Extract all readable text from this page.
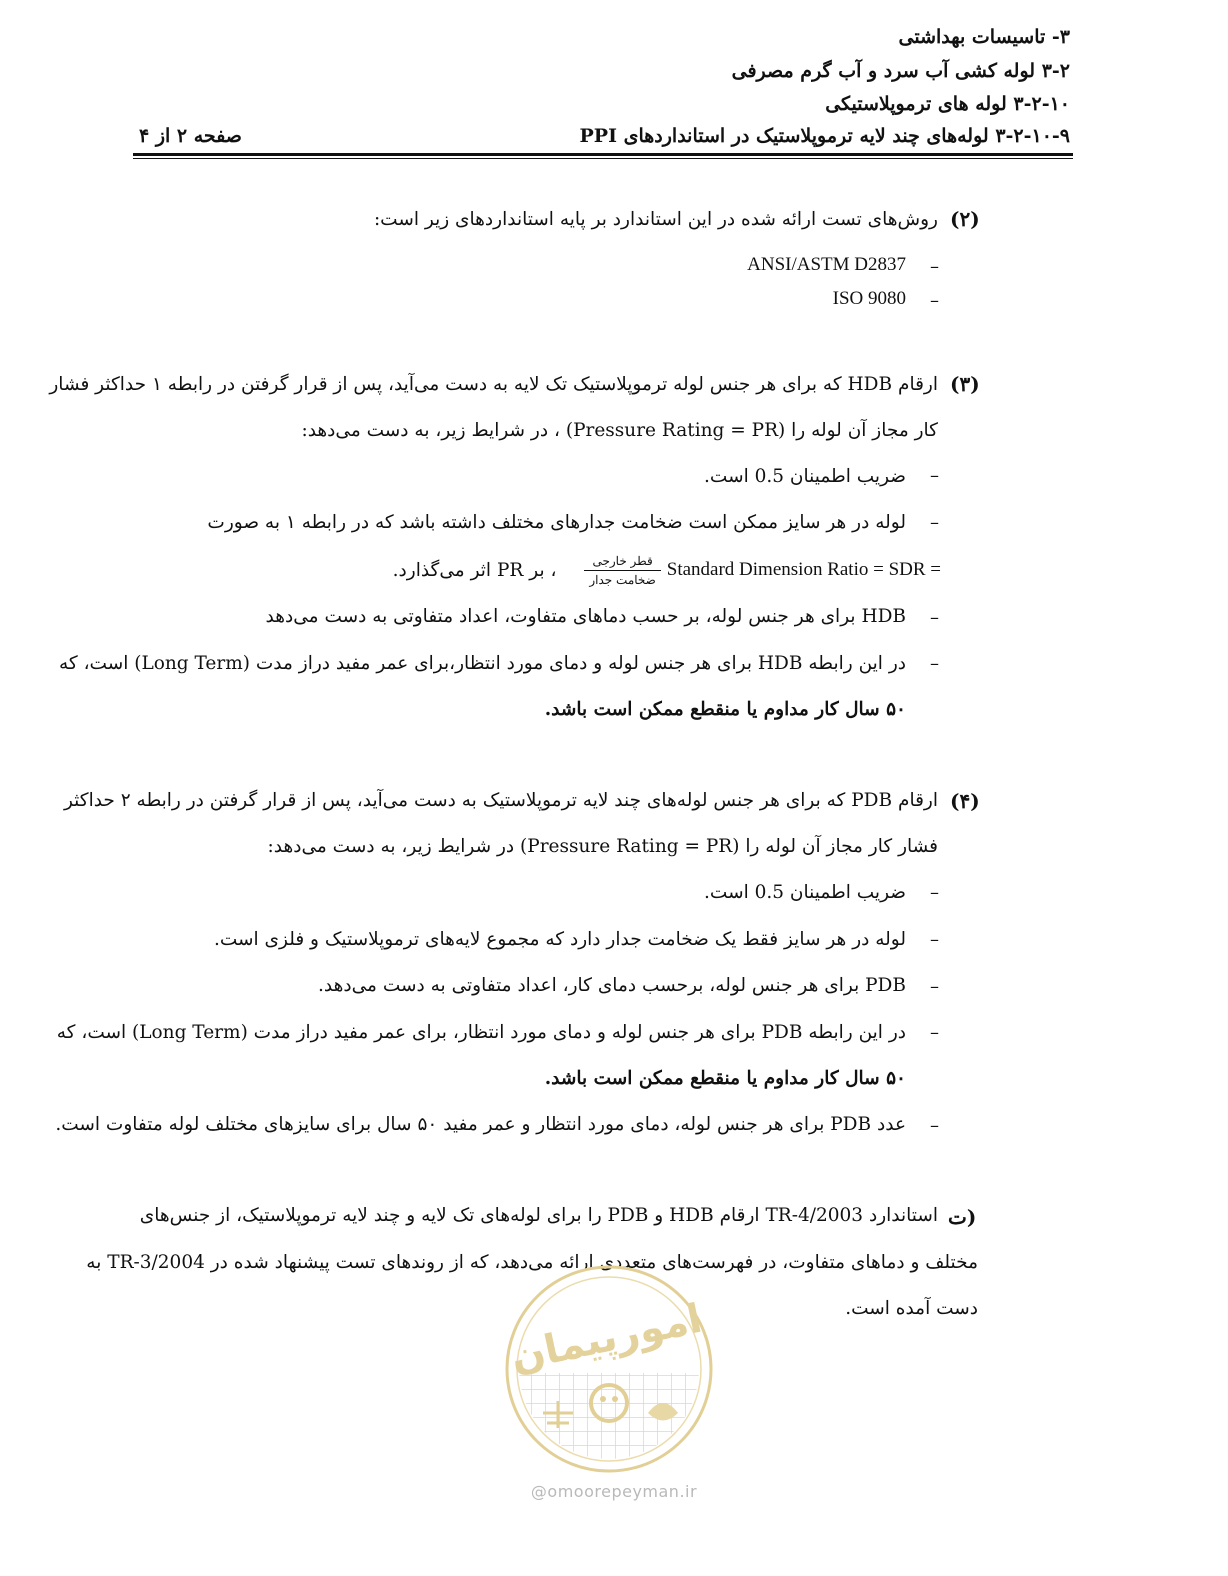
۳- تاسیسات بهداشتی
۳-۲ لوله کشی آب سرد و آب گرم مصرفی
۳-۲-۱۰ لوله های ترموپلاستیکی
۳-۲-۱۰-۹ لوله‌های چند لایه ترموپلاستیک در استانداردهای PPI
صفحه ۲ از ۴
(۲)
روش‌های تست ارائه شده در این استاندارد بر پایه استانداردهای زیر است:
–
ANSI/ASTM D2837
–
ISO 9080
(۳)
ارقام HDB که برای هر جنس لوله ترموپلاستیک تک لایه به دست می‌آید، پس از قرار گرفتن در رابطه ۱ حداکثر فشار
کار مجاز آن لوله را (Pressure Rating = PR) ، در شرایط زیر، به دست می‌دهد:
–
ضریب اطمینان 0.5 است.
–
لوله در هر سایز ممکن است ضخامت جدارهای مختلف داشته باشد که در رابطه ۱ به صورت
، بر PR اثر می‌گذارد. $\frac{\text{قطر خارجی}}{\text{ضخامت جدار}}$ Standard Dimension Ratio = SDR =
–
HDB برای هر جنس لوله، بر حسب دماهای متفاوت، اعداد متفاوتی به دست می‌دهد
–
در این رابطه HDB برای هر جنس لوله و دمای مورد انتظار،برای عمر مفید دراز مدت (Long Term) است، که
۵۰ سال کار مداوم یا منقطع ممکن است باشد.
(۴)
ارقام PDB که برای هر جنس لوله‌های چند لایه ترموپلاستیک به دست می‌آید، پس از قرار گرفتن در رابطه ۲ حداکثر
فشار کار مجاز آن لوله را (Pressure Rating = PR) در شرایط زیر، به دست می‌دهد:
–
ضریب اطمینان 0.5 است.
–
لوله در هر سایز فقط یک ضخامت جدار دارد که مجموع لایه‌های ترموپلاستیک و فلزی است.
–
PDB برای هر جنس لوله، برحسب دمای کار، اعداد متفاوتی به دست می‌دهد.
–
در این رابطه PDB برای هر جنس لوله و دمای مورد انتظار، برای عمر مفید دراز مدت (Long Term) است، که
۵۰ سال کار مداوم یا منقطع ممکن است باشد.
–
عدد PDB برای هر جنس لوله، دمای مورد انتظار و عمر مفید ۵۰ سال برای سایزهای مختلف لوله متفاوت است.
ت)
استاندارد TR-4/2003 ارقام HDB و PDB را برای لوله‌های تک لایه و چند لایه ترموپلاستیک، از جنس‌های
مختلف و دماهای متفاوت، در فهرست‌های متعددی ارائه می‌دهد، که از روندهای تست پیشنهاد شده در TR-3/2004 به
دست آمده است.
امورپیمان
@omoorepeyman.ir
